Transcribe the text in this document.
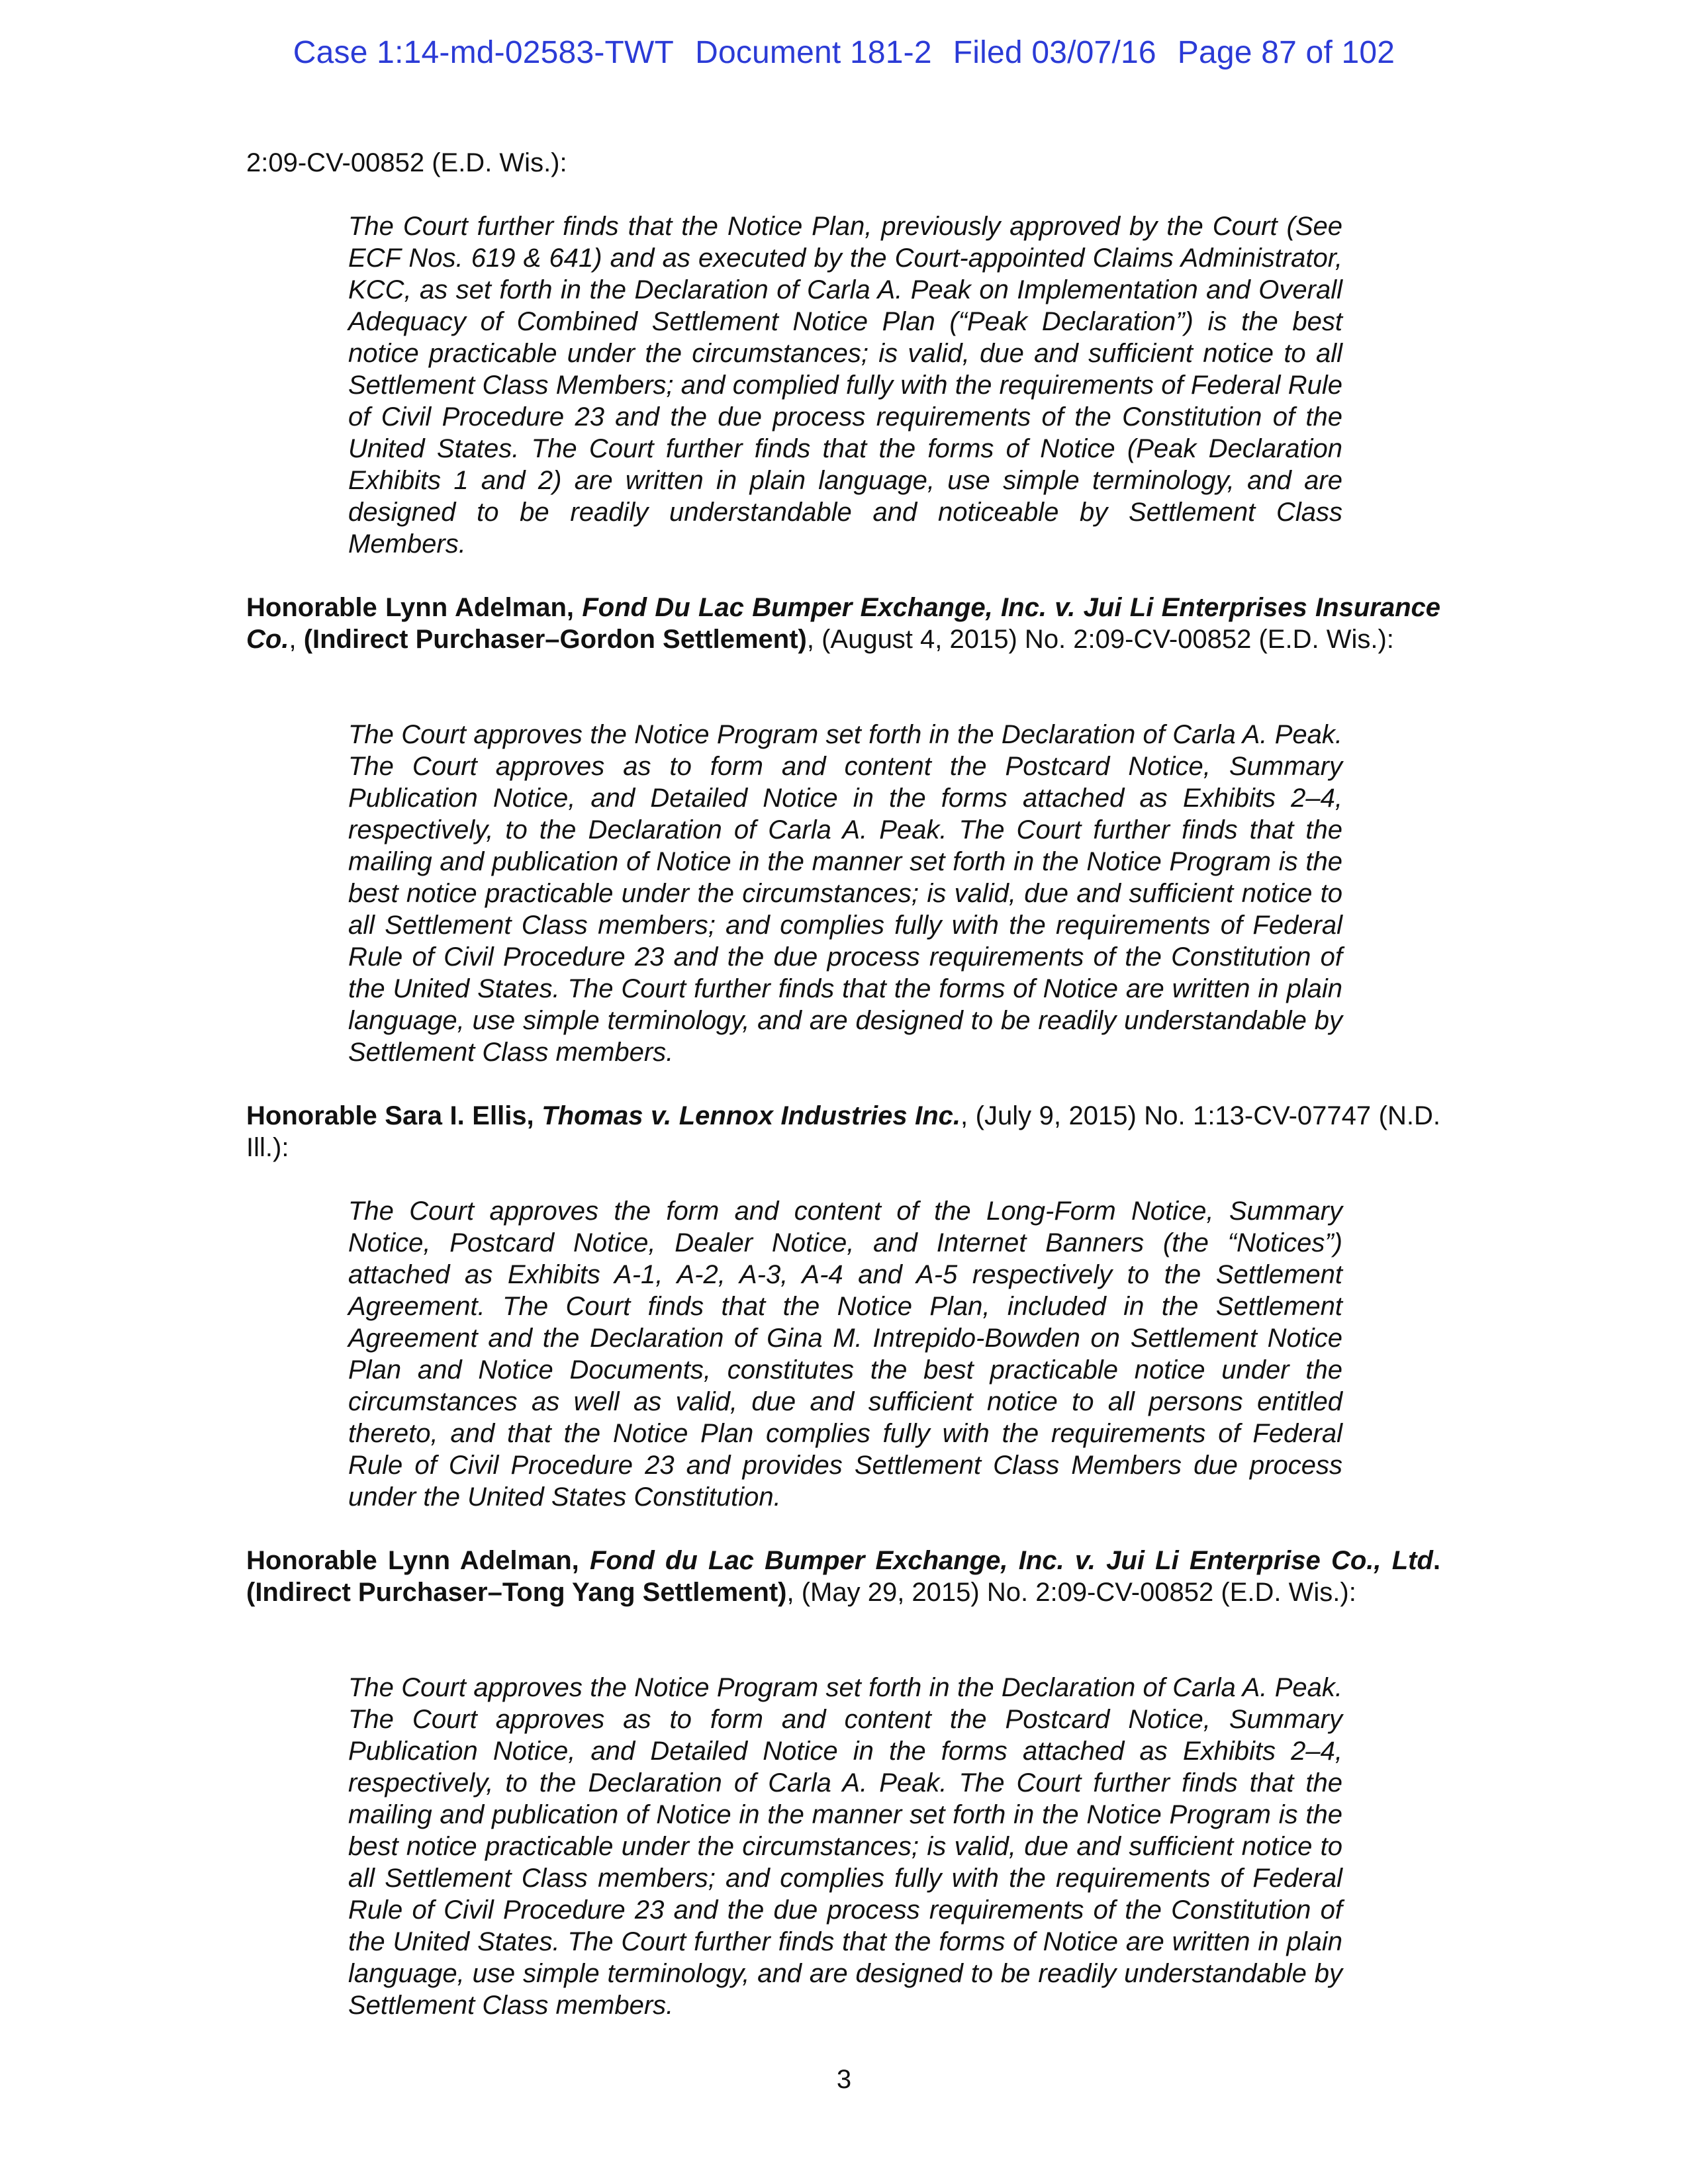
Case 1:14-md-02583-TWT Document 181-2 Filed 03/07/16 Page 87 of 102
2:09-CV-00852 (E.D. Wis.):

The Court further finds that the Notice Plan, previously approved by the Court (See ECF Nos. 619 & 641) and as executed by the Court-appointed Claims Administrator, KCC, as set forth in the Declaration of Carla A. Peak on Implementation and Overall Adequacy of Combined Settlement Notice Plan (“Peak Declaration”) is the best notice practicable under the circumstances; is valid, due and sufficient notice to all Settlement Class Members; and complied fully with the requirements of Federal Rule of Civil Procedure 23 and the due process requirements of the Constitution of the United States. The Court further finds that the forms of Notice (Peak Declaration Exhibits 1 and 2) are written in plain language, use simple terminology, and are designed to be readily understandable and noticeable by Settlement Class Members.

Honorable Lynn Adelman, Fond Du Lac Bumper Exchange, Inc. v. Jui Li Enterprises Insurance Co., (Indirect Purchaser–Gordon Settlement), (August 4, 2015) No. 2:09-CV-00852 (E.D. Wis.):

The Court approves the Notice Program set forth in the Declaration of Carla A. Peak. The Court approves as to form and content the Postcard Notice, Summary Publication Notice, and Detailed Notice in the forms attached as Exhibits 2–4, respectively, to the Declaration of Carla A. Peak. The Court further finds that the mailing and publication of Notice in the manner set forth in the Notice Program is the best notice practicable under the circumstances; is valid, due and sufficient notice to all Settlement Class members; and complies fully with the requirements of Federal Rule of Civil Procedure 23 and the due process requirements of the Constitution of the United States. The Court further finds that the forms of Notice are written in plain language, use simple terminology, and are designed to be readily understandable by Settlement Class members.

Honorable Sara I. Ellis, Thomas v. Lennox Industries Inc., (July 9, 2015) No. 1:13-CV-07747 (N.D. Ill.):

The Court approves the form and content of the Long-Form Notice, Summary Notice, Postcard Notice, Dealer Notice, and Internet Banners (the “Notices”) attached as Exhibits A-1, A-2, A-3, A-4 and A-5 respectively to the Settlement Agreement. The Court finds that the Notice Plan, included in the Settlement Agreement and the Declaration of Gina M. Intrepido-Bowden on Settlement Notice Plan and Notice Documents, constitutes the best practicable notice under the circumstances as well as valid, due and sufficient notice to all persons entitled thereto, and that the Notice Plan complies fully with the requirements of Federal Rule of Civil Procedure 23 and provides Settlement Class Members due process under the United States Constitution.

Honorable Lynn Adelman, Fond du Lac Bumper Exchange, Inc. v. Jui Li Enterprise Co., Ltd. (Indirect Purchaser–Tong Yang Settlement), (May 29, 2015) No. 2:09-CV-00852 (E.D. Wis.):

The Court approves the Notice Program set forth in the Declaration of Carla A. Peak. The Court approves as to form and content the Postcard Notice, Summary Publication Notice, and Detailed Notice in the forms attached as Exhibits 2–4, respectively, to the Declaration of Carla A. Peak. The Court further finds that the mailing and publication of Notice in the manner set forth in the Notice Program is the best notice practicable under the circumstances; is valid, due and sufficient notice to all Settlement Class members; and complies fully with the requirements of Federal Rule of Civil Procedure 23 and the due process requirements of the Constitution of the United States. The Court further finds that the forms of Notice are written in plain language, use simple terminology, and are designed to be readily understandable by Settlement Class members.

3
